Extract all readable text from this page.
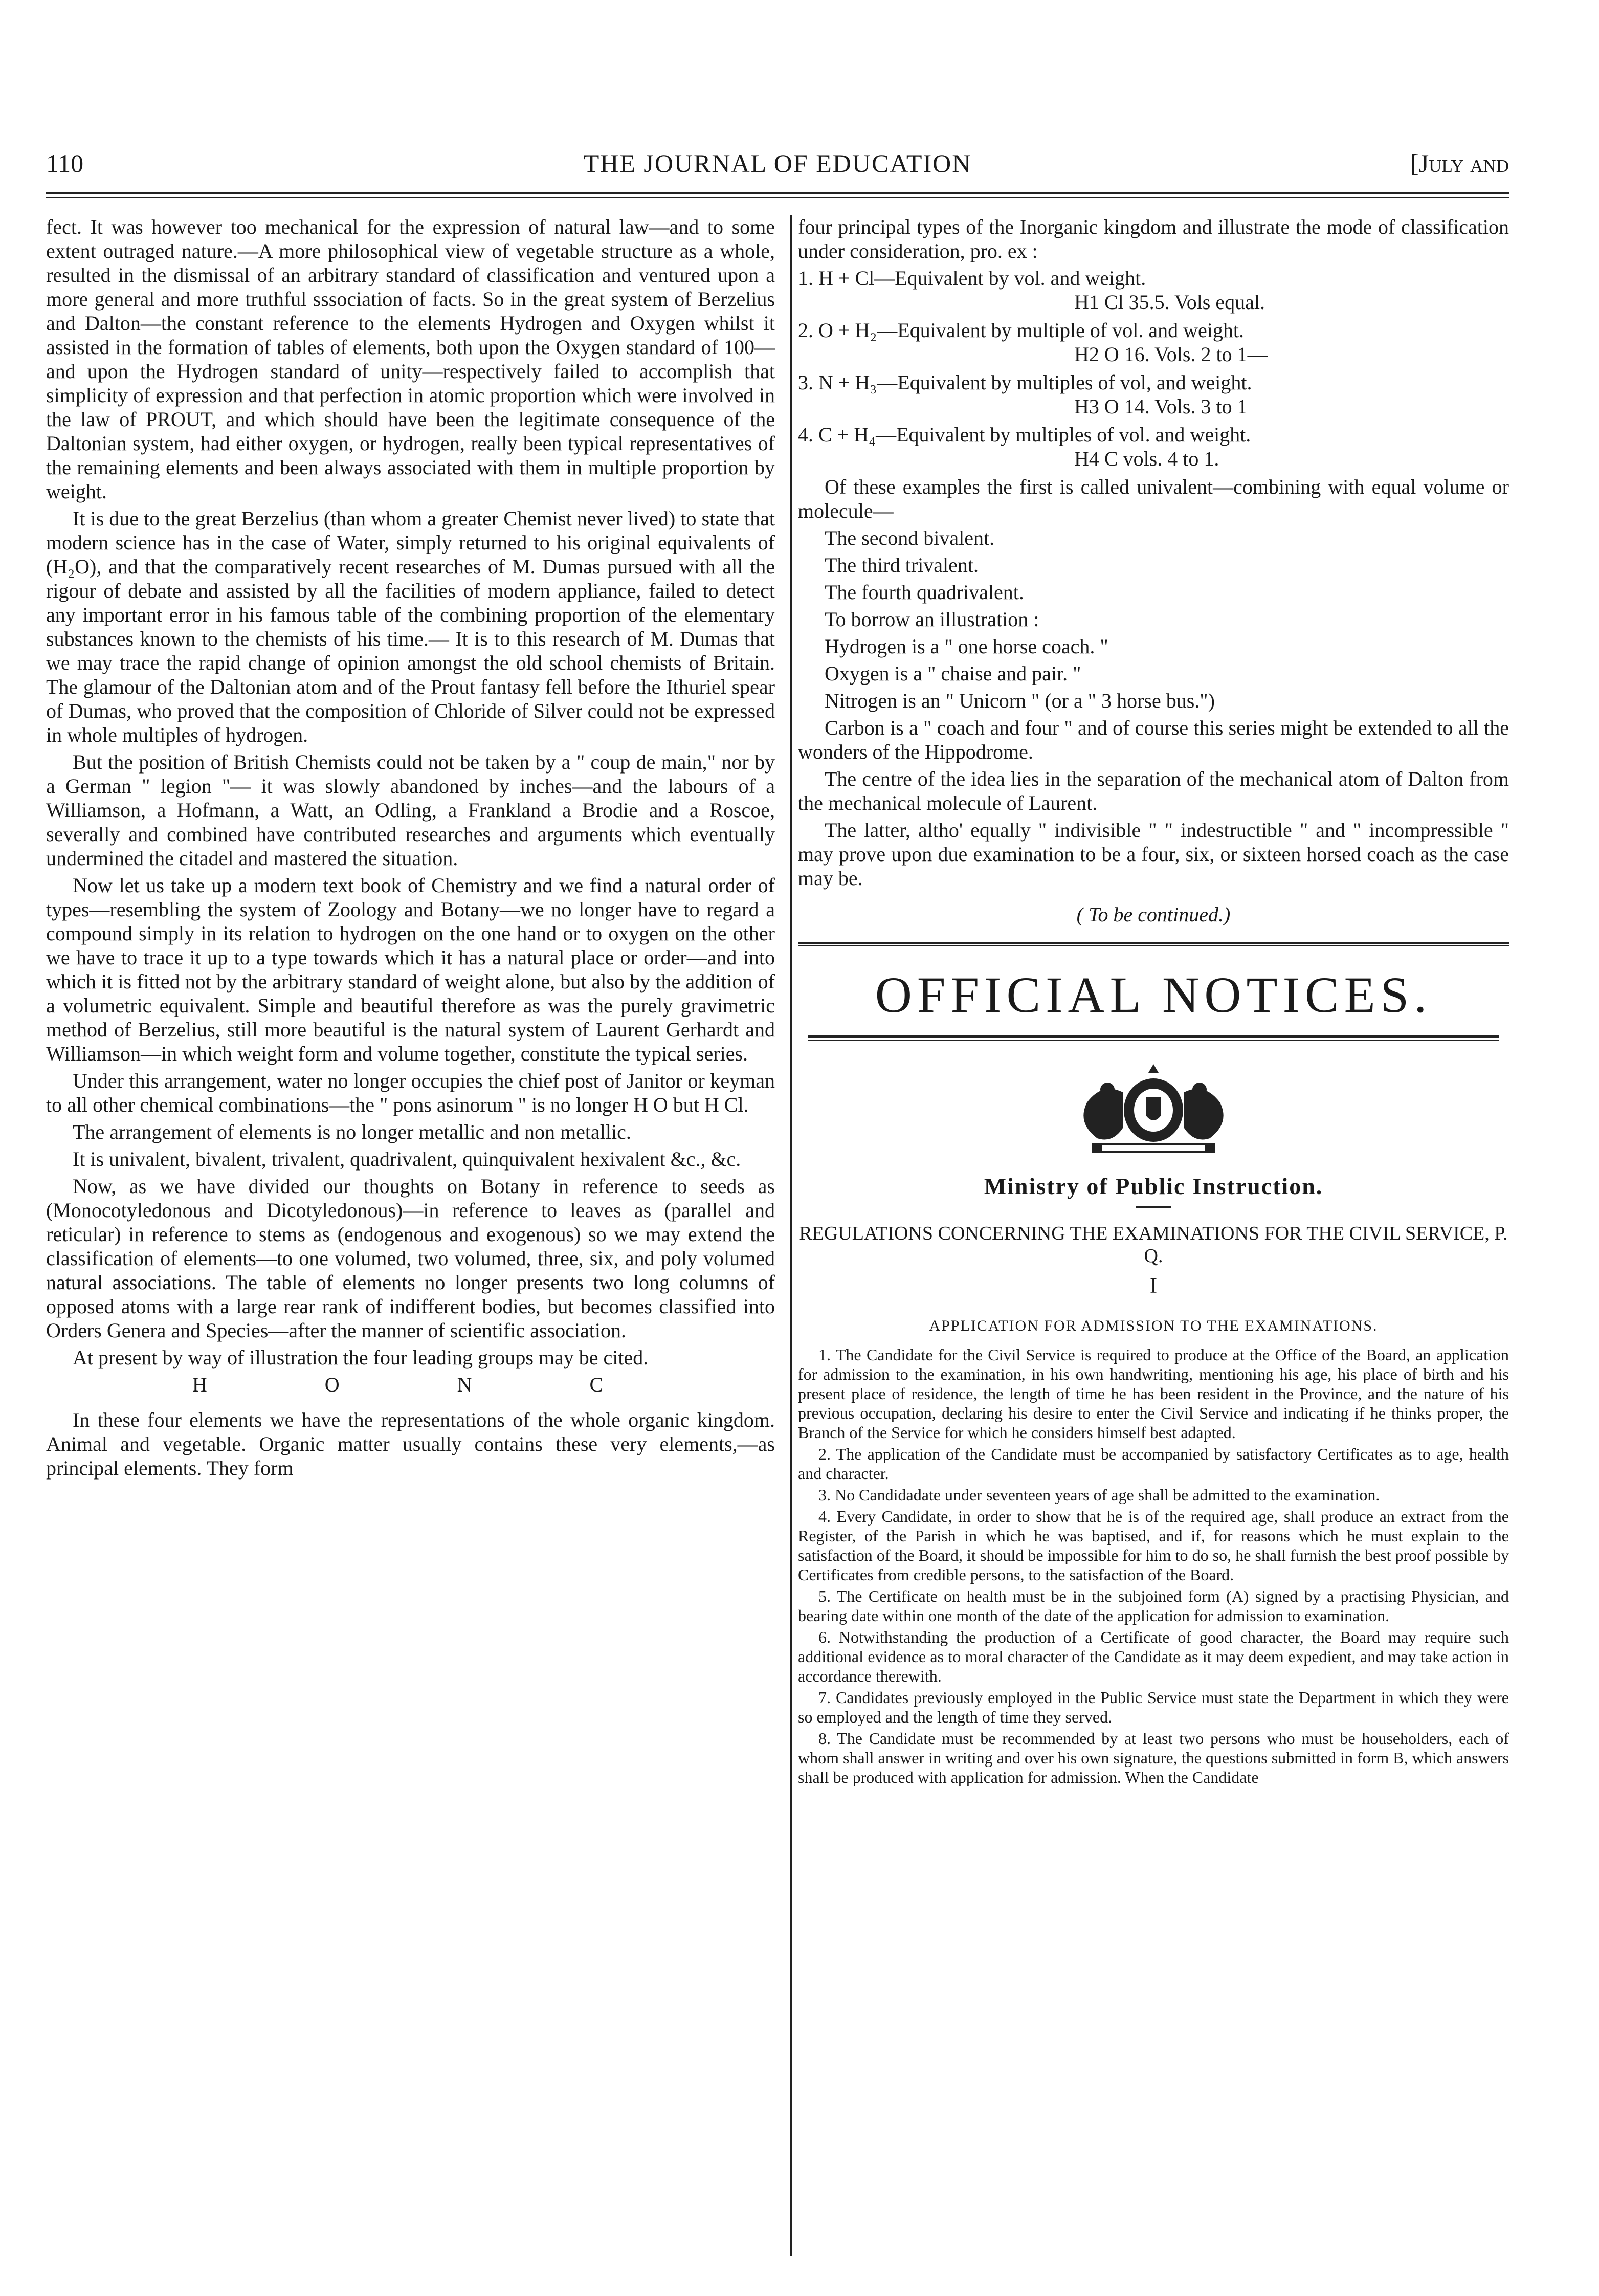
110	THE JOURNAL OF EDUCATION	[July and

fect. It was however too mechanical for the expression of natural law—and to some extent outraged nature.—A more philosophical view of vegetable structure as a whole, resulted in the dismissal of an arbitrary standard of classification and ventured upon a more general and more truthful sssociation of facts. So in the great system of Berzelius and Dalton—the constant reference to the elements Hydrogen and Oxygen whilst it assisted in the formation of tables of elements, both upon the Oxygen standard of 100—and upon the Hydrogen standard of unity—respectively failed to accomplish that simplicity of expression and that perfection in atomic proportion which were involved in the law of PROUT, and which should have been the legitimate consequence of the Daltonian system, had either oxygen, or hydrogen, really been typical representatives of the remaining elements and been always associated with them in multiple proportion by weight.

It is due to the great Berzelius (than whom a greater Chemist never lived) to state that modern science has in the case of Water, simply returned to his original equivalents of (H₂O), and that the comparatively recent researches of M. Dumas pursued with all the rigour of debate and assisted by all the facilities of modern appliance, failed to detect any important error in his famous table of the combining proportion of the elementary substances known to the chemists of his time.— It is to this research of M. Dumas that we may trace the rapid change of opinion amongst the old school chemists of Britain. The glamour of the Daltonian atom and of the Prout fantasy fell before the Ithuriel spear of Dumas, who proved that the composition of Chloride of Silver could not be expressed in whole multiples of hydrogen.

But the position of British Chemists could not be taken by a " coup de main," nor by a German " legion "— it was slowly abandoned by inches—and the labours of a Williamson, a Hofmann, a Watt, an Odling, a Frankland a Brodie and a Roscoe, severally and combined have contributed researches and arguments which eventually undermined the citadel and mastered the situation.

Now let us take up a modern text book of Chemistry and we find a natural order of types—resembling the system of Zoology and Botany—we no longer have to regard a compound simply in its relation to hydrogen on the one hand or to oxygen on the other we have to trace it up to a type towards which it has a natural place or order—and into which it is fitted not by the arbitrary standard of weight alone, but also by the addition of a volumetric equivalent. Simple and beautiful therefore as was the purely gravimetric method of Berzelius, still more beautiful is the natural system of Laurent Gerhardt and Williamson—in which weight form and volume together, constitute the typical series.

Under this arrangement, water no longer occupies the chief post of Janitor or keyman to all other chemical combinations—the " pons asinorum " is no longer H O but H Cl.

The arrangement of elements is no longer metallic and non metallic.

It is univalent, bivalent, trivalent, quadrivalent, quinquivalent hexivalent &c., &c.

Now, as we have divided our thoughts on Botany in reference to seeds as (Monocotyledonous and Dicotyledonous)—in reference to leaves as (parallel and reticular) in reference to stems as (endogenous and exogenous) so we may extend the classification of elements—to one volumed, two volumed, three, six, and poly volumed natural associations. The table of elements no longer presents two long columns of opposed atoms with a large rear rank of indifferent bodies, but becomes classified into Orders Genera and Species—after the manner of scientific association.

At present by way of illustration the four leading groups may be cited.

H O N C

In these four elements we have the representations of the whole organic kingdom. Animal and vegetable. Organic matter usually contains these very elements,—as principal elements. They form

four principal types of the Inorganic kingdom and illustrate the mode of classification under consideration, pro. ex :

1. H + Cl—Equivalent by vol. and weight.

H1 Cl 35.5. Vols equal.

2. O + H₂—Equivalent by multiple of vol. and weight.

H2 O 16. Vols. 2 to 1—

3. N + H₃—Equivalent by multiples of vol, and weight.

H3 O 14. Vols. 3 to 1

4. C + H₄—Equivalent by multiples of vol. and weight.

H4 C vols. 4 to 1.

Of these examples the first is called univalent—combining with equal volume or molecule—

The second bivalent.

The third trivalent.

The fourth quadrivalent.

To borrow an illustration :

Hydrogen is a " one horse coach. "

Oxygen is a " chaise and pair. "

Nitrogen is an " Unicorn " (or a " 3 horse bus.")

Carbon is a " coach and four " and of course this series might be extended to all the wonders of the Hippodrome.

The centre of the idea lies in the separation of the mechanical atom of Dalton from the mechanical molecule of Laurent.

The latter, altho' equally " indivisible " " indestructible " and " incompressible " may prove upon due examination to be a four, six, or sixteen horsed coach as the case may be.

( To be continued.)

OFFICIAL NOTICES.
Ministry of Public Instruction.
REGULATIONS CONCERNING THE EXAMINATIONS FOR THE CIVIL SERVICE, P. Q.
I
APPLICATION FOR ADMISSION TO THE EXAMINATIONS.

1. The Candidate for the Civil Service is required to produce at the Office of the Board, an application for admission to the examination, in his own handwriting, mentioning his age, his place of birth and his present place of residence, the length of time he has been resident in the Province, and the nature of his previous occupation, declaring his desire to enter the Civil Service and indicating if he thinks proper, the Branch of the Service for which he considers himself best adapted.

2. The application of the Candidate must be accompanied by satisfactory Certificates as to age, health and character.

3. No Candidadate under seventeen years of age shall be admitted to the examination.

4. Every Candidate, in order to show that he is of the required age, shall produce an extract from the Register, of the Parish in which he was baptised, and if, for reasons which he must explain to the satisfaction of the Board, it should be impossible for him to do so, he shall furnish the best proof possible by Certificates from credible persons, to the satisfaction of the Board.

5. The Certificate on health must be in the subjoined form (A) signed by a practising Physician, and bearing date within one month of the date of the application for admission to examination.

6. Notwithstanding the production of a Certificate of good character, the Board may require such additional evidence as to moral character of the Candidate as it may deem expedient, and may take action in accordance therewith.

7. Candidates previously employed in the Public Service must state the Department in which they were so employed and the length of time they served.

8. The Candidate must be recommended by at least two persons who must be householders, each of whom shall answer in writing and over his own signature, the questions submitted in form B, which answers shall be produced with application for admission. When the Candidate
